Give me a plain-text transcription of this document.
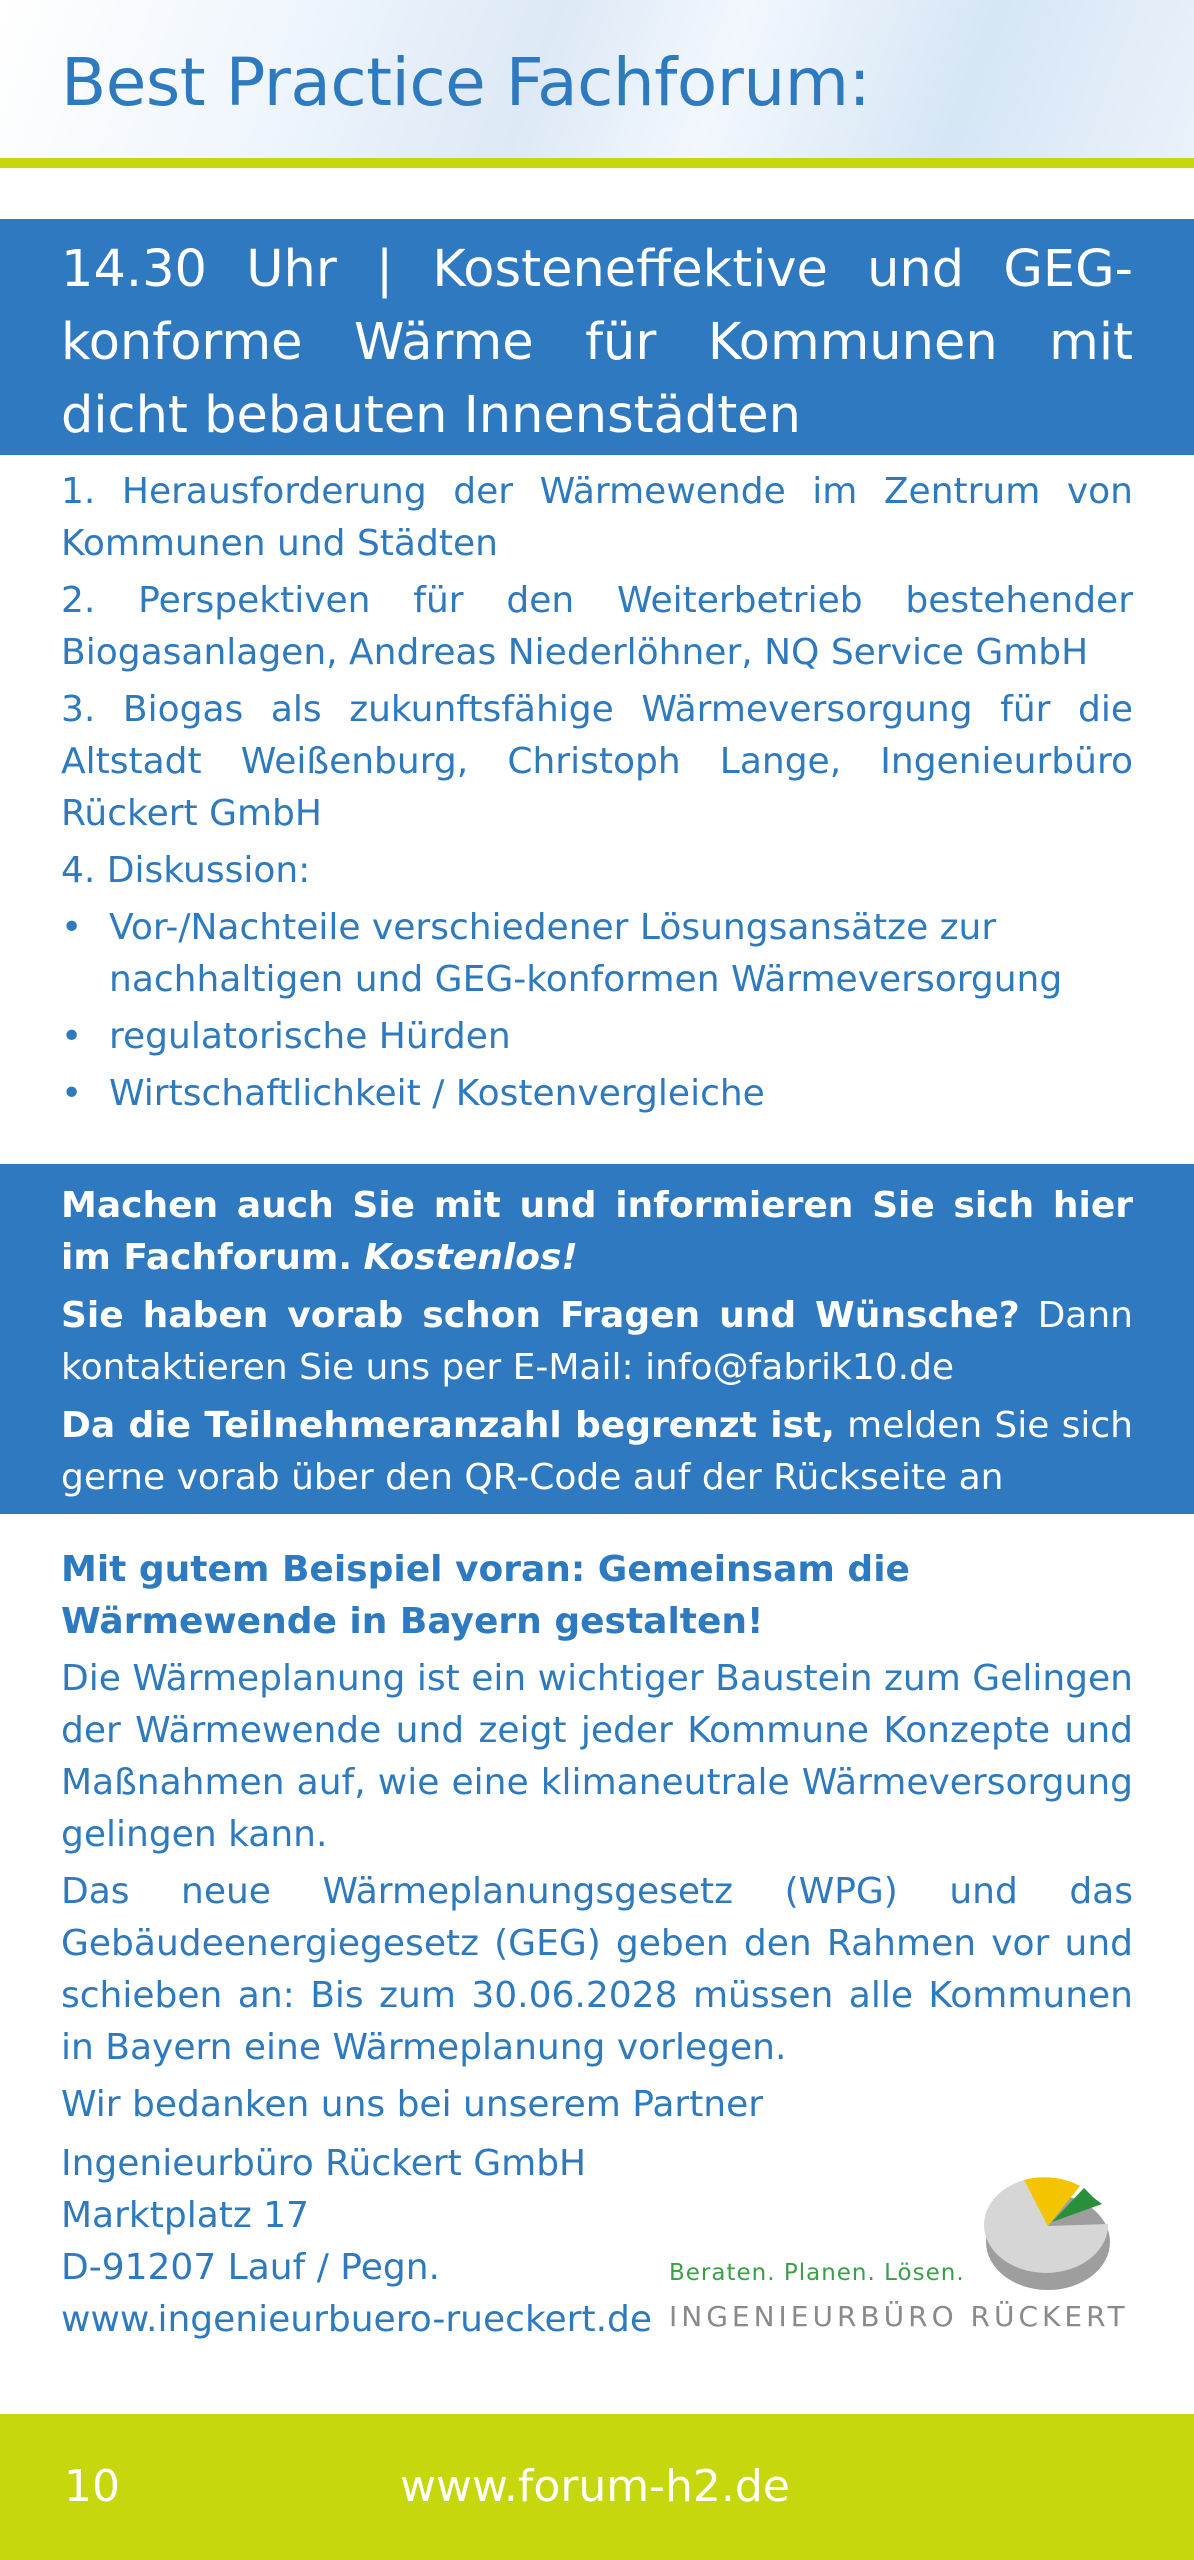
Best Practice Fachforum:
14.30 Uhr | Kosteneffektive und GEG-konforme Wärme für Kommunen mit dicht bebauten Innenstädten

1. Herausforderung der Wärmewende im Zentrum von Kommunen und Städten

2. Perspektiven für den Weiterbetrieb bestehender Biogasanlagen, Andreas Niederlöhner, NQ Service GmbH

3. Biogas als zukunftsfähige Wärmeversorgung für die Altstadt Weißenburg, Christoph Lange, Ingenieurbüro Rückert GmbH

4. Diskussion:

• Vor-/Nachteile verschiedener Lösungsansätze zur nachhaltigen und GEG-konformen Wärmeversorgung
• regulatorische Hürden
• Wirtschaftlichkeit / Kostenvergleiche

Machen auch Sie mit und informieren Sie sich hier im Fachforum. Kostenlos!

Sie haben vorab schon Fragen und Wünsche? Dann kontaktieren Sie uns per E-Mail: info@fabrik10.de

Da die Teilnehmeranzahl begrenzt ist, melden Sie sich gerne vorab über den QR-Code auf der Rückseite an

Mit gutem Beispiel voran: Gemeinsam die Wärmewende in Bayern gestalten!

Die Wärmeplanung ist ein wichtiger Baustein zum Gelingen der Wärmewende und zeigt jeder Kommune Konzepte und Maßnahmen auf, wie eine klimaneutrale Wärmeversorgung gelingen kann.

Das neue Wärmeplanungsgesetz (WPG) und das Gebäudeenergiegesetz (GEG) geben den Rahmen vor und schieben an: Bis zum 30.06.2028 müssen alle Kommunen in Bayern eine Wärmeplanung vorlegen.

Wir bedanken uns bei unserem Partner

Ingenieurbüro Rückert GmbH
Marktplatz 17
D-91207 Lauf / Pegn.
www.ingenieurbuero-rueckert.de
Beraten. Planen. Lösen.
INGENIEURBÜRO RÜCKERT
10	www.forum-h2.de
